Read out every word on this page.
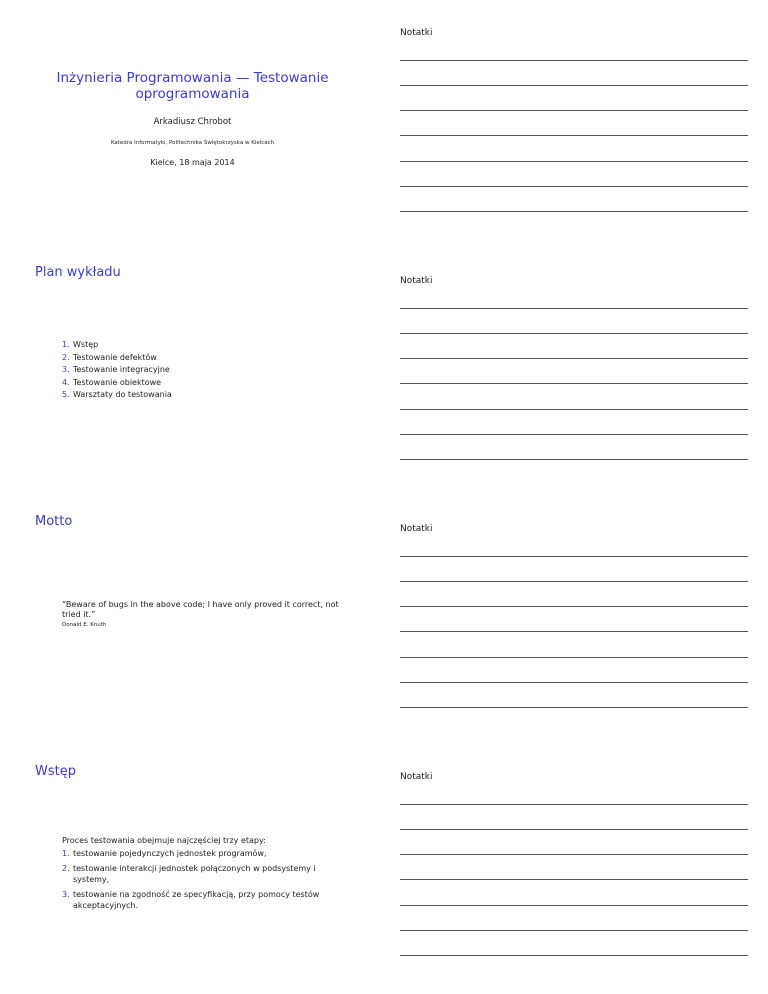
Inżynieria Programowania — Testowanie oprogramowania
Arkadiusz Chrobot
Katedra Informatyki, Politechnika Świętokrzyska w Kielcach
Kielce, 18 maja 2014
Notatki
Plan wykładu
1. Wstęp
2. Testowanie defektów
3. Testowanie integracyjne
4. Testowanie obiektowe
5. Warsztaty do testowania
Notatki
Motto
“Beware of bugs in the above code; I have only proved it correct, not tried it.”
Donald E. Knuth
Notatki
Wstęp
Proces testowania obejmuje najczęściej trzy etapy:
1. testowanie pojedynczych jednostek programów,
2. testowanie interakcji jednostek połączonych w podsystemy i systemy,
3. testowanie na zgodność ze specyfikacją, przy pomocy testów akceptacyjnych.
Notatki
